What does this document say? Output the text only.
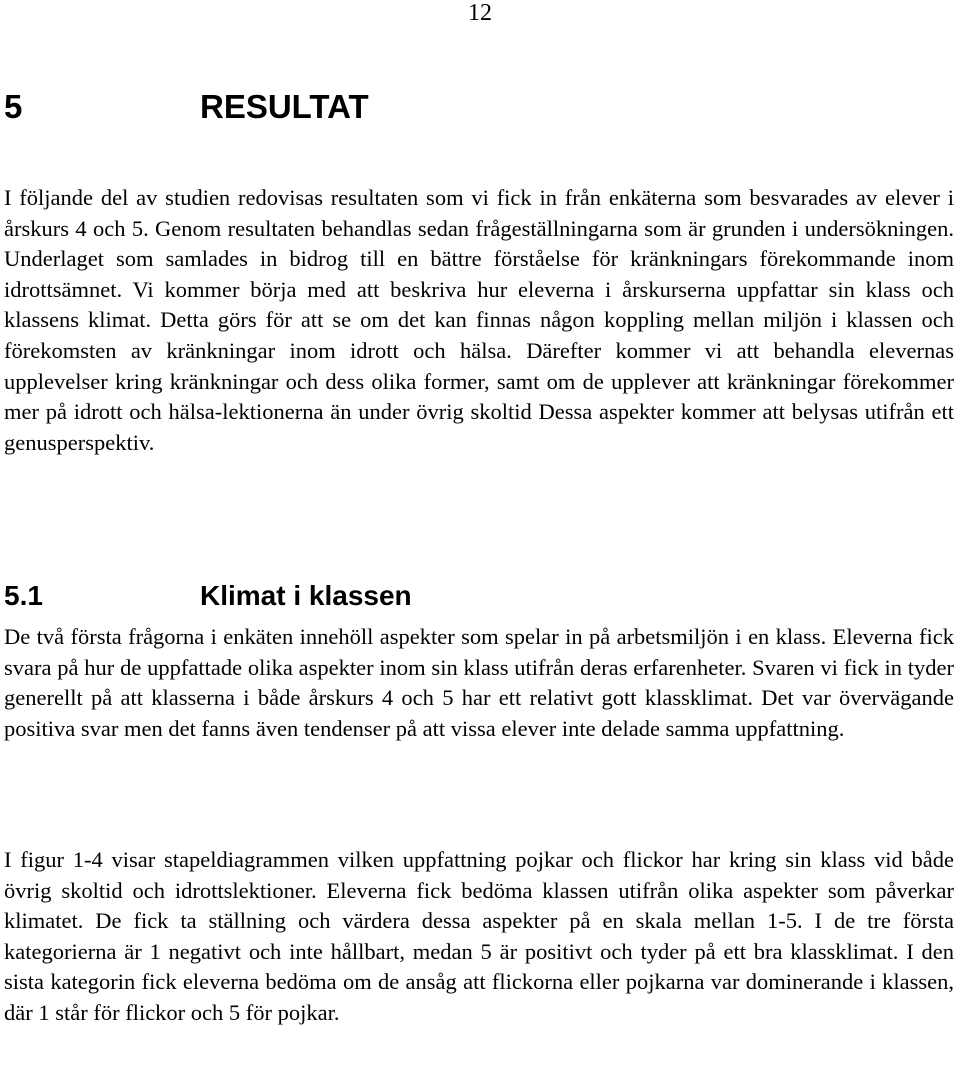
12
5	RESULTAT

I följande del av studien redovisas resultaten som vi fick in från enkäterna som besvarades av elever i årskurs 4 och 5. Genom resultaten behandlas sedan frågeställningarna som är grunden i undersökningen. Underlaget som samlades in bidrog till en bättre förståelse för kränkningars förekommande inom idrottsämnet. Vi kommer börja med att beskriva hur eleverna i årskurserna uppfattar sin klass och klassens klimat. Detta görs för att se om det kan finnas någon koppling mellan miljön i klassen och förekomsten av kränkningar inom idrott och hälsa. Därefter kommer vi att behandla elevernas upplevelser kring kränkningar och dess olika former, samt om de upplever att kränkningar förekommer mer på idrott och hälsa-lektionerna än under övrig skoltid Dessa aspekter kommer att belysas utifrån ett genusperspektiv.

5.1	Klimat i klassen

De två första frågorna i enkäten innehöll aspekter som spelar in på arbetsmiljön i en klass. Eleverna fick svara på hur de uppfattade olika aspekter inom sin klass utifrån deras erfarenheter. Svaren vi fick in tyder generellt på att klasserna i både årskurs 4 och 5 har ett relativt gott klassklimat. Det var övervägande positiva svar men det fanns även tendenser på att vissa elever inte delade samma uppfattning.

I figur 1-4 visar stapeldiagrammen vilken uppfattning pojkar och flickor har kring sin klass vid både övrig skoltid och idrottslektioner. Eleverna fick bedöma klassen utifrån olika aspekter som påverkar klimatet. De fick ta ställning och värdera dessa aspekter på en skala mellan 1-5. I de tre första kategorierna är 1 negativt och inte hållbart, medan 5 är positivt och tyder på ett bra klassklimat. I den sista kategorin fick eleverna bedöma om de ansåg att flickorna eller pojkarna var dominerande i klassen, där 1 står för flickor och 5 för pojkar.
